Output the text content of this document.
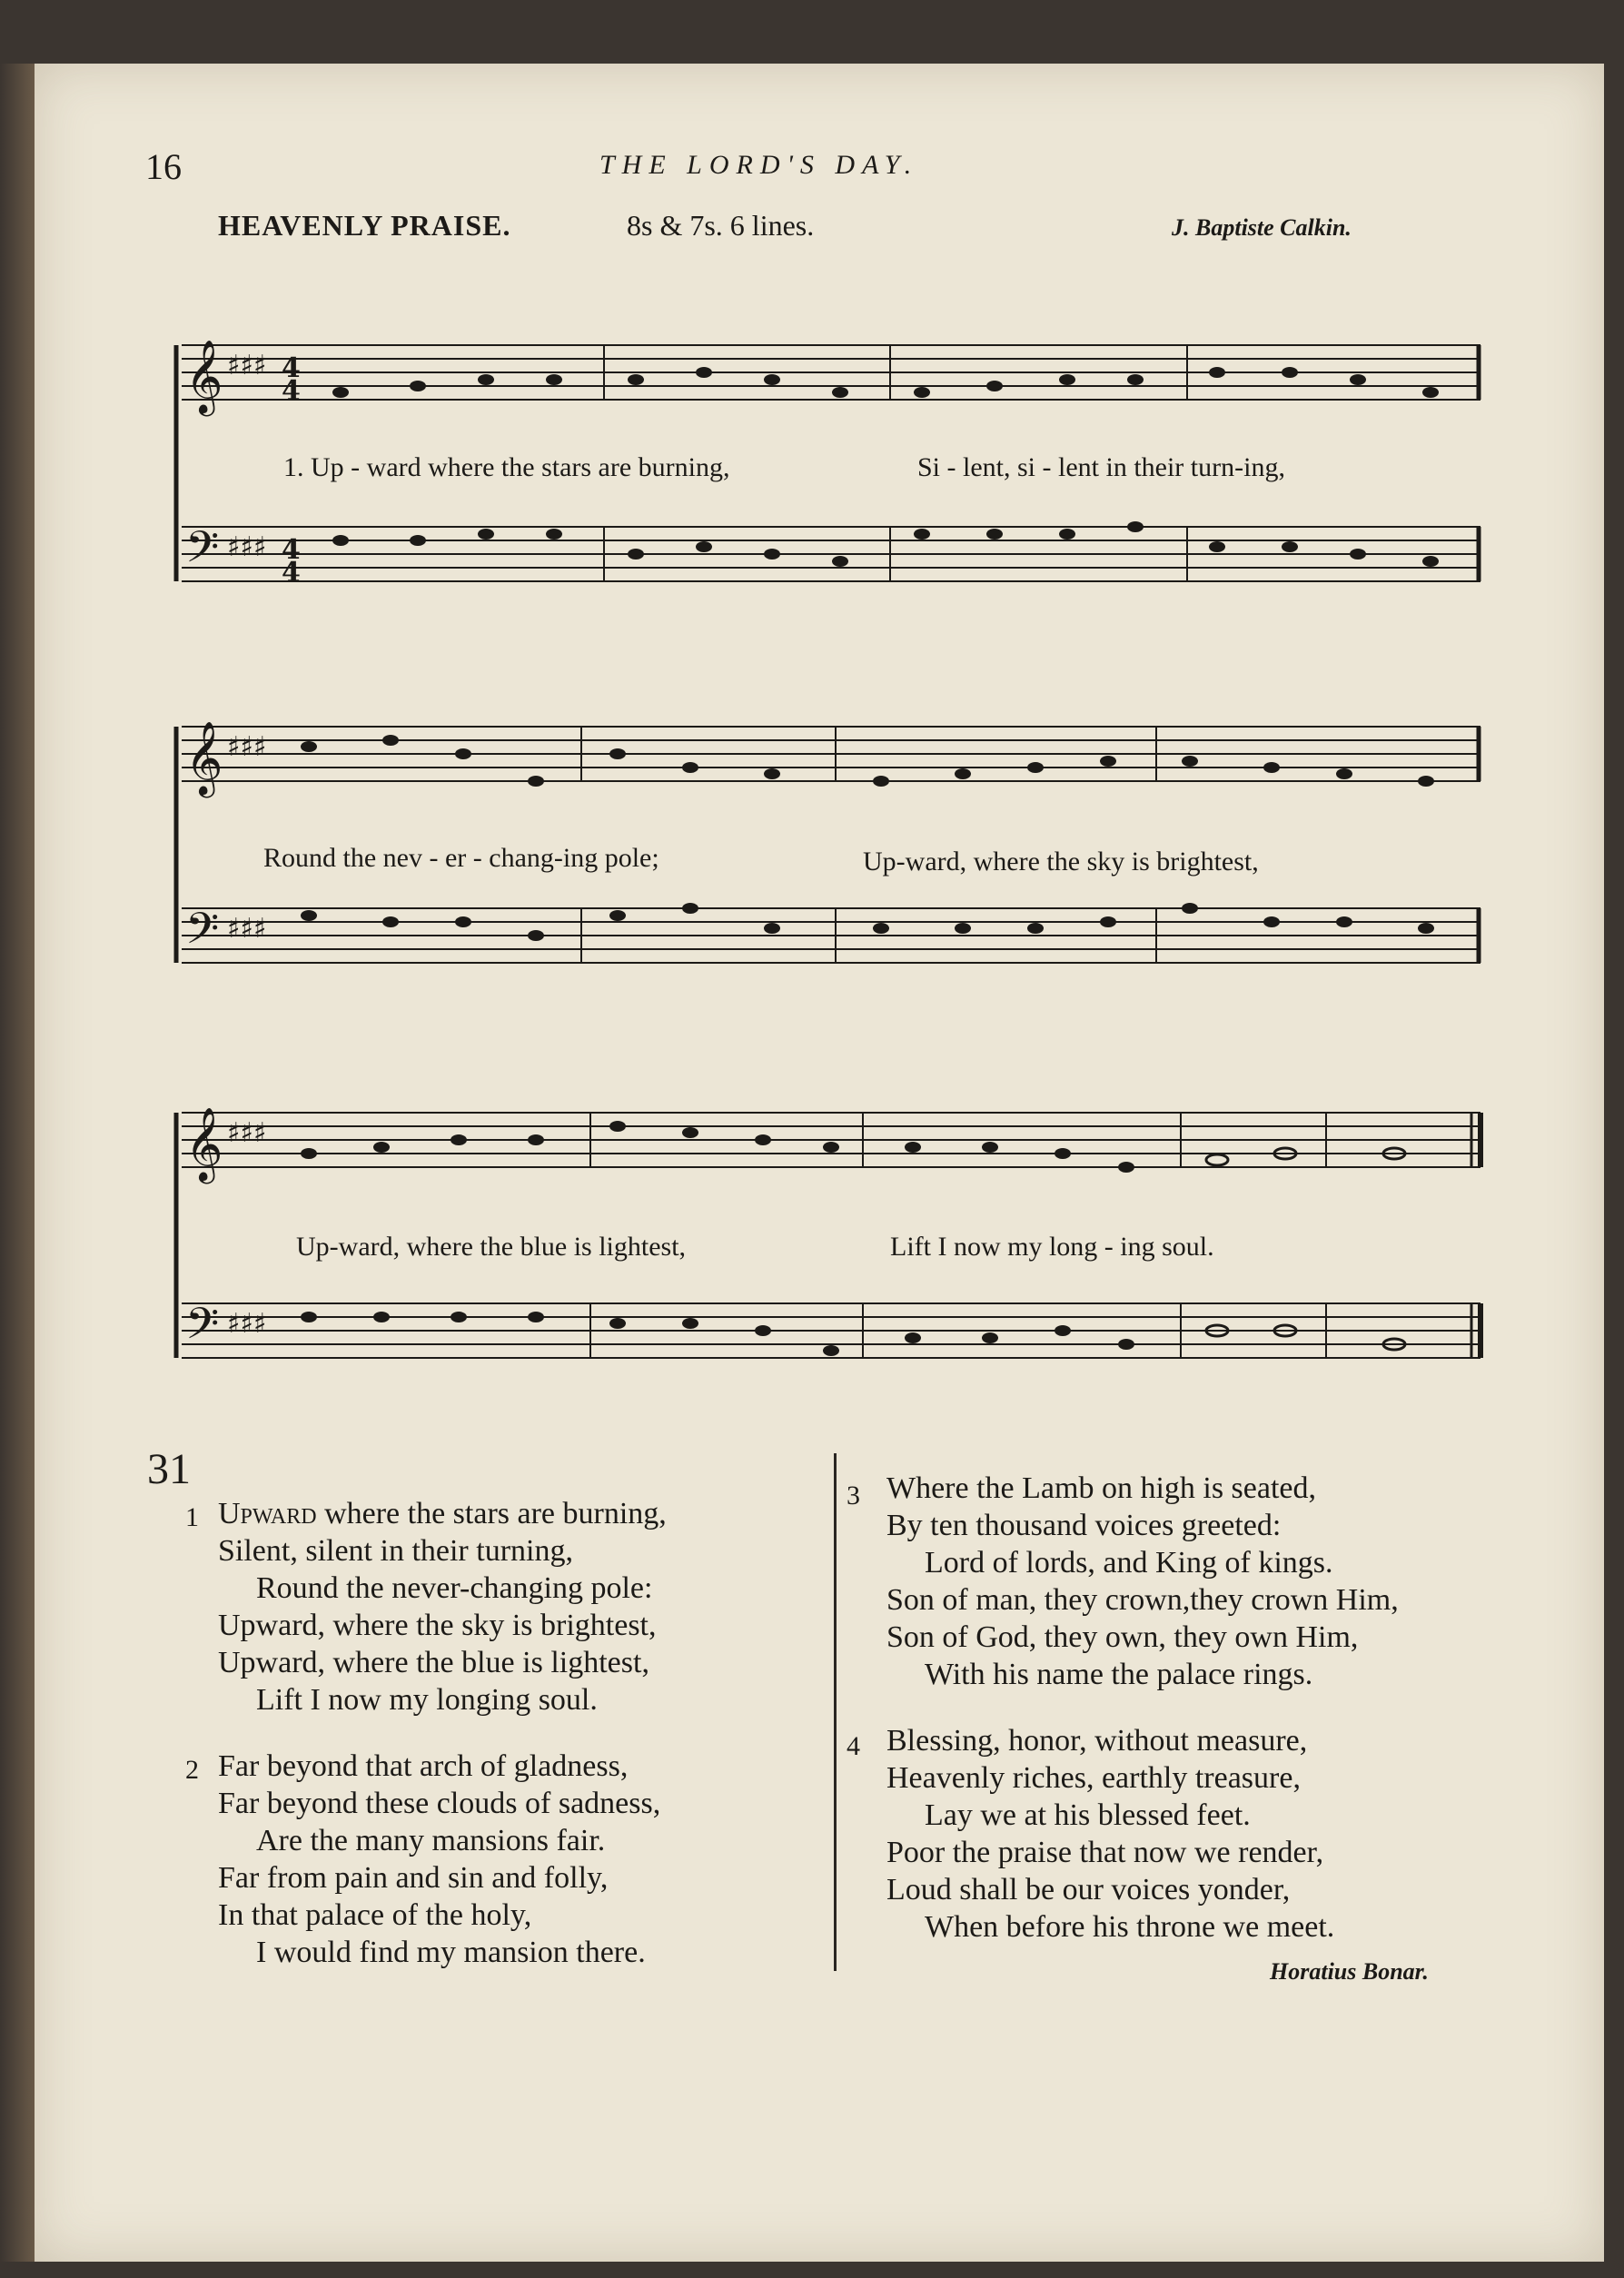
16	THE LORD'S DAY.
HEAVENLY PRAISE.	8s & 7s. 6 lines.	J. Baptiste Calkin.
𝄞
𝄢
♯♯♯
♯♯♯
4
4
4
4
1. Up - ward where the stars are burning,	Si - lent, si - lent in their turn-ing,
𝄞
𝄢
♯♯♯
♯♯♯
Round the nev - er - chang-ing pole;	Up-ward, where the sky is brightest,
𝄞
𝄢
♯♯♯
♯♯♯
Up-ward, where the blue is lightest,	Lift I now my long - ing soul.
31
1 Upward where the stars are burning,
Silent, silent in their turning,
Round the never-changing pole:
Upward, where the sky is brightest,
Upward, where the blue is lightest,
Lift I now my longing soul.
2 Far beyond that arch of gladness,
Far beyond these clouds of sadness,
Are the many mansions fair.
Far from pain and sin and folly,
In that palace of the holy,
I would find my mansion there.
3 Where the Lamb on high is seated,
By ten thousand voices greeted:
Lord of lords, and King of kings.
Son of man, they crown,they crown Him,
Son of God, they own, they own Him,
With his name the palace rings.
4 Blessing, honor, without measure,
Heavenly riches, earthly treasure,
Lay we at his blessed feet.
Poor the praise that now we render,
Loud shall be our voices yonder,
When before his throne we meet.
Horatius Bonar.
